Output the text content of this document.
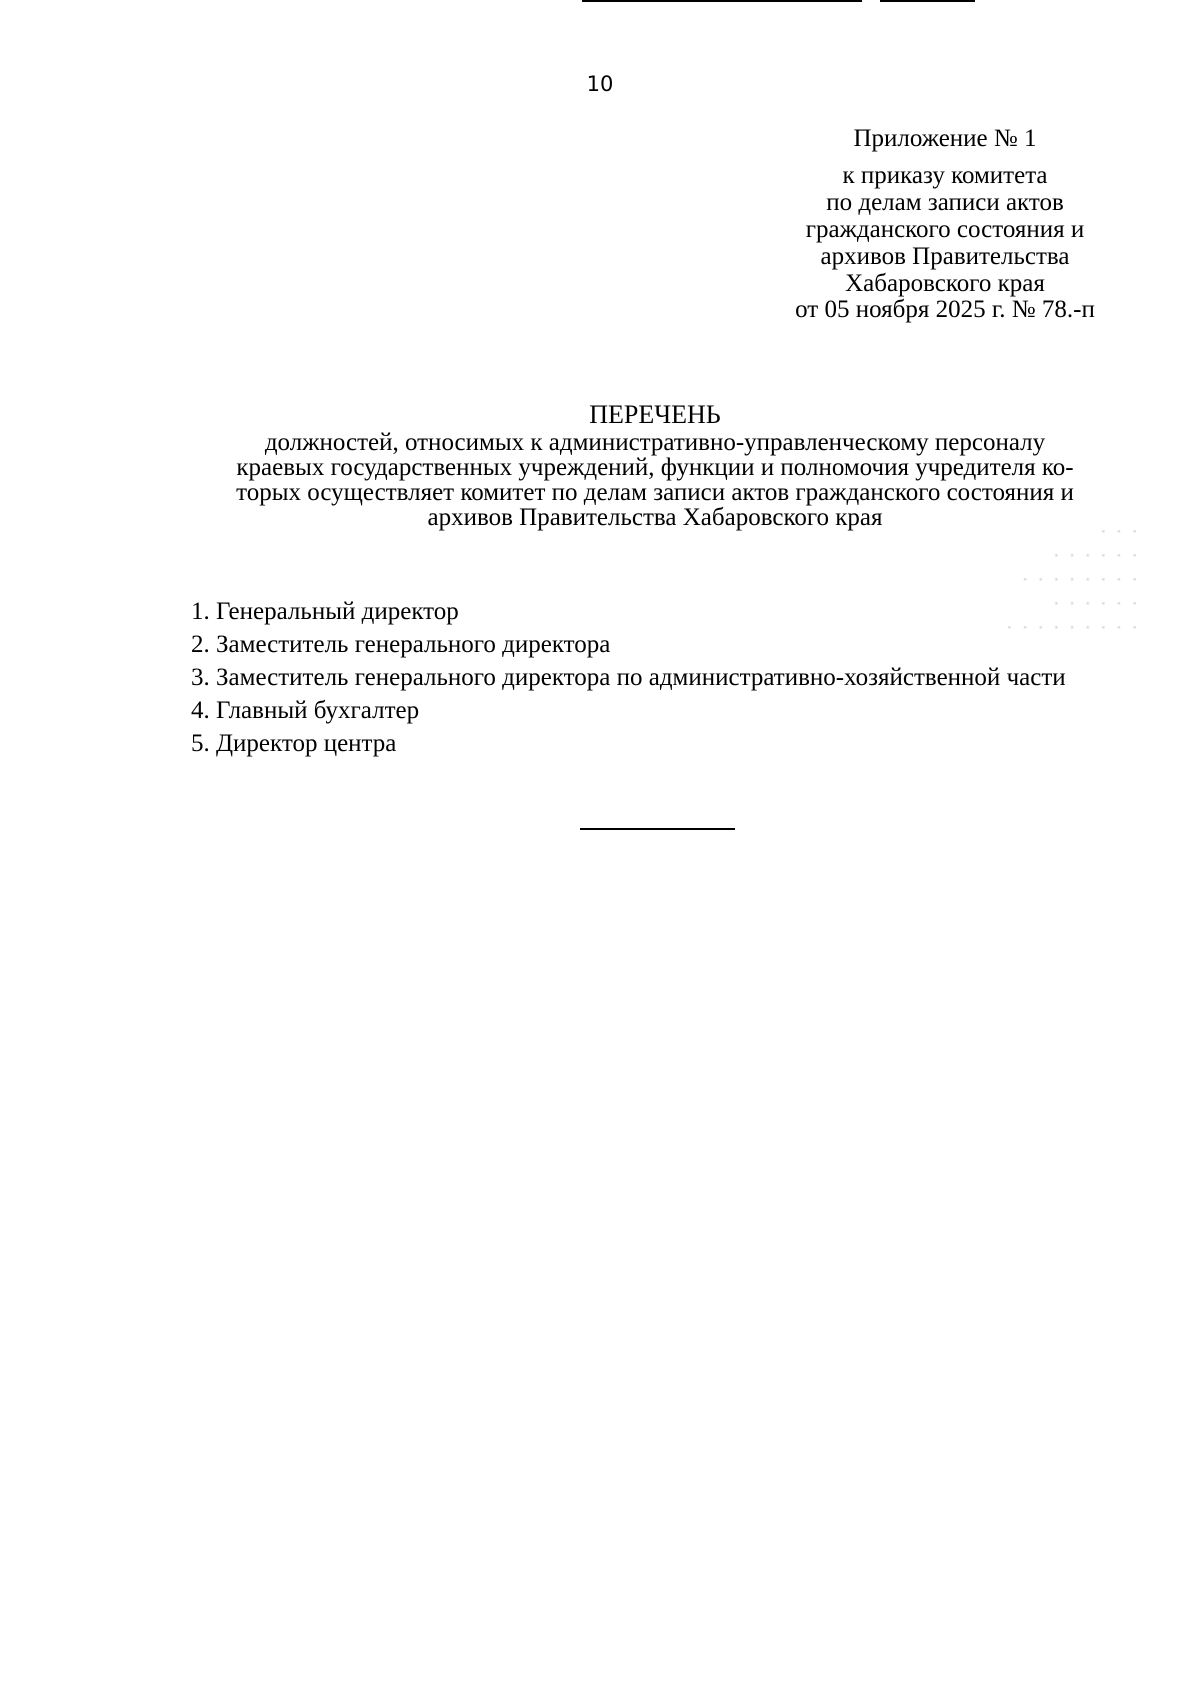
10
Приложение № 1
к приказу комитета
по делам записи актов
гражданского состояния и
архивов Правительства
Хабаровского края
от 05 ноября 2025 г. № 78.-п
ПЕРЕЧЕНЬ
должностей, относимых к административно-управленческому персоналу
краевых государственных учреждений, функции и полномочия учредителя ко-
торых осуществляет комитет по делам записи актов гражданского состояния и
архивов Правительства Хабаровского края
· · ·
· · · · · ·
· · · · · · · ·
· · · · · ·
· · · · · · · · ·
1. Генеральный директор
2. Заместитель генерального директора
3. Заместитель генерального директора по административно-хозяйственной части
4. Главный бухгалтер
5. Директор центра
